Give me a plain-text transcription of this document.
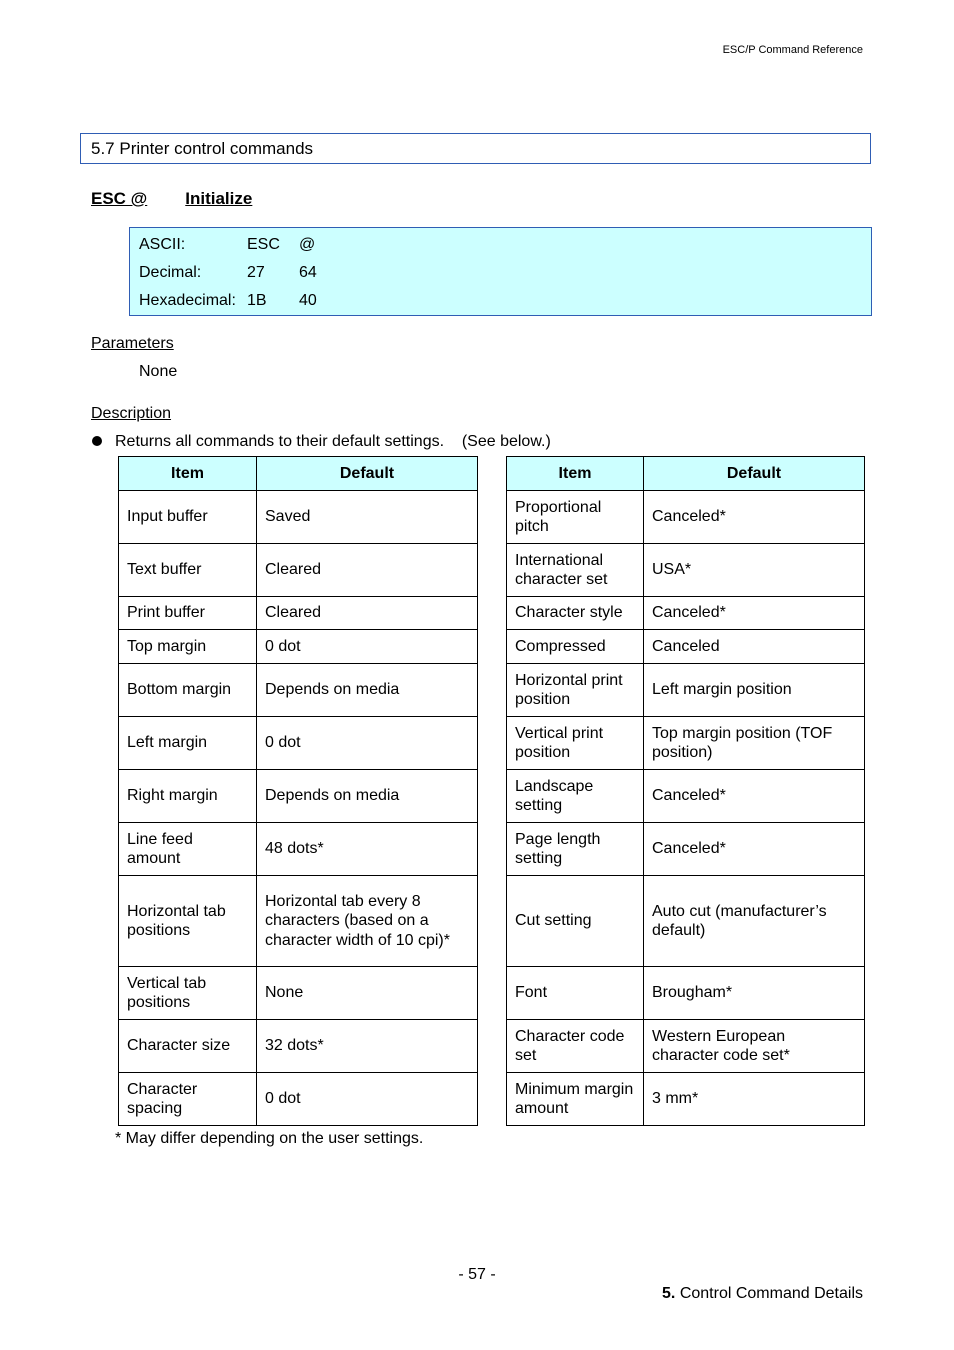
ESC/P Command Reference
5.7 Printer control commands
ESC @ Initialize
ASCII:	ESC @
Decimal:	27 64
Hexadecimal: 1B 40
Parameters
None
Description
Returns all commands to their default settings.    (See below.)
Item	Default
Input buffer	Saved
Text buffer	Cleared
Print buffer	Cleared
Top margin	0 dot
Bottom margin	Depends on media
Left margin	0 dot
Right margin	Depends on media
Line feed amount	48 dots*
Horizontal tab positions	Horizontal tab every 8 characters (based on a character width of 10 cpi)*
Vertical tab positions	None
Character size	32 dots*
Character spacing	0 dot
Item	Default
Proportional pitch	Canceled*
International character set	USA*
Character style	Canceled*
Compressed	Canceled
Horizontal print position	Left margin position
Vertical print position	Top margin position (TOF position)
Landscape setting	Canceled*
Page length setting	Canceled*
Cut setting	Auto cut (manufacturer’s default)
Font	Brougham*
Character code set	Western European character code set*
Minimum margin amount	3 mm*
* May differ depending on the user settings.
- 57 -
5. Control Command Details
